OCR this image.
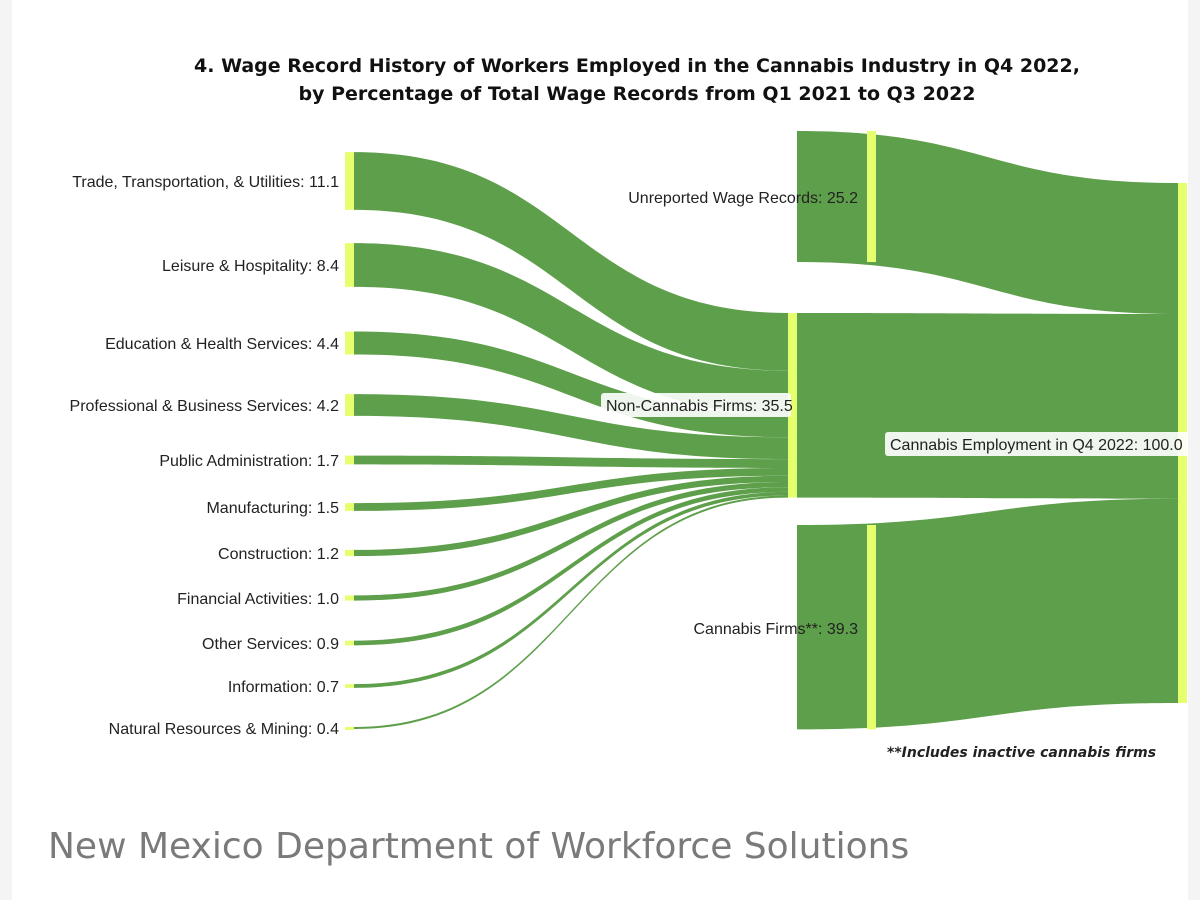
4. Wage Record History of Workers Employed in the Cannabis Industry in Q4 2022,
by Percentage of Total Wage Records from Q1 2021 to Q3 2022
Trade, Transportation, & Utilities: 11.1
Leisure & Hospitality: 8.4
Education & Health Services: 4.4
Professional & Business Services: 4.2
Public Administration: 1.7
Manufacturing: 1.5
Construction: 1.2
Financial Activities: 1.0
Other Services: 0.9
Information: 0.7
Natural Resources & Mining: 0.4
Unreported Wage Records: 25.2
Cannabis Firms**: 39.3
Non-Cannabis Firms: 35.5
Cannabis Employment in Q4 2022: 100.0
**Includes inactive cannabis firms
New Mexico Department of Workforce Solutions
